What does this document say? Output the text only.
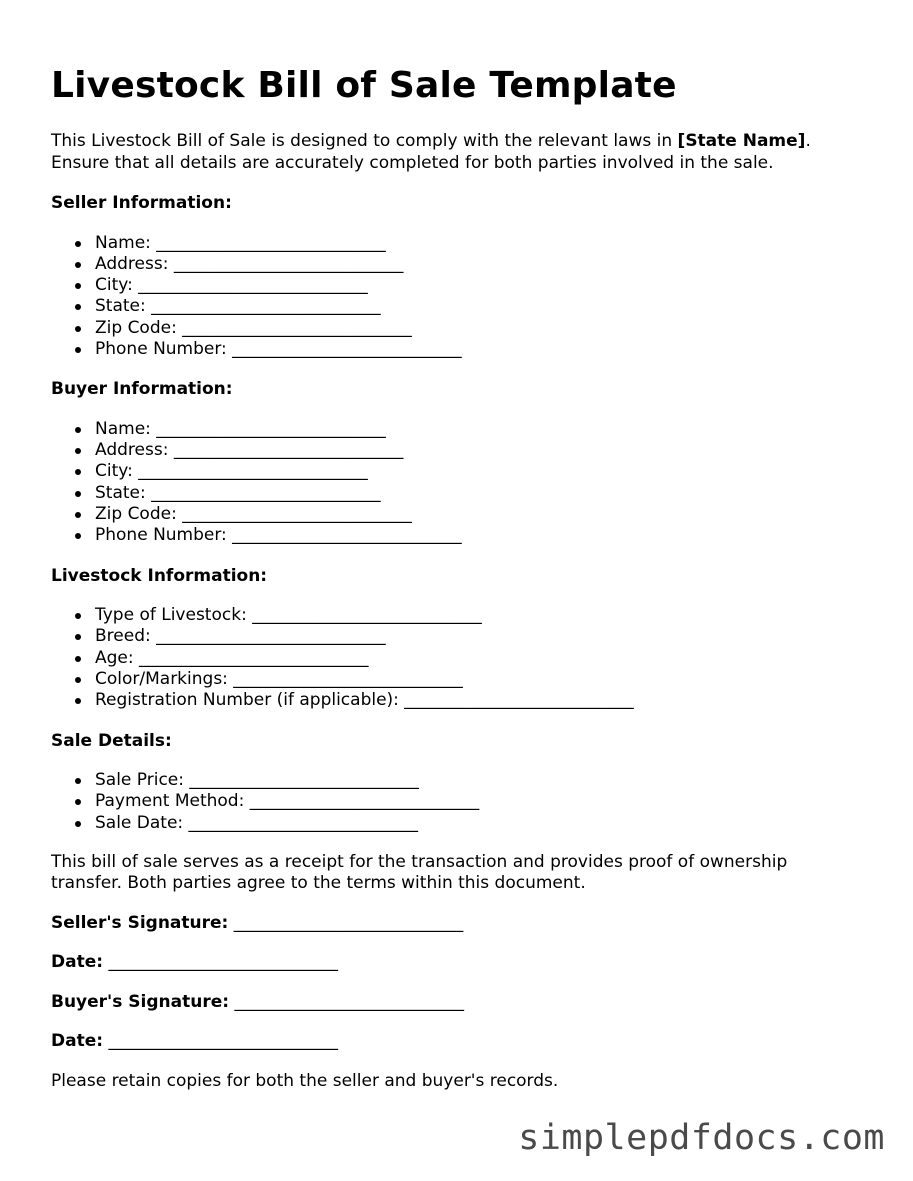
Livestock Bill of Sale Template

This Livestock Bill of Sale is designed to comply with the relevant laws in [State Name].
Ensure that all details are accurately completed for both parties involved in the sale.

Seller Information:
Name: ___________________________
Address: ___________________________
City: ___________________________
State: ___________________________
Zip Code: ___________________________
Phone Number: ___________________________
Buyer Information:
Name: ___________________________
Address: ___________________________
City: ___________________________
State: ___________________________
Zip Code: ___________________________
Phone Number: ___________________________
Livestock Information:
Type of Livestock: ___________________________
Breed: ___________________________
Age: ___________________________
Color/Markings: ___________________________
Registration Number (if applicable): ___________________________
Sale Details:
Sale Price: ___________________________
Payment Method: ___________________________
Sale Date: ___________________________

This bill of sale serves as a receipt for the transaction and provides proof of ownership
transfer. Both parties agree to the terms within this document.

Seller's Signature: ___________________________
Date: ___________________________
Buyer's Signature: ___________________________
Date: ___________________________

Please retain copies for both the seller and buyer's records.

simplepdfdocs.com
